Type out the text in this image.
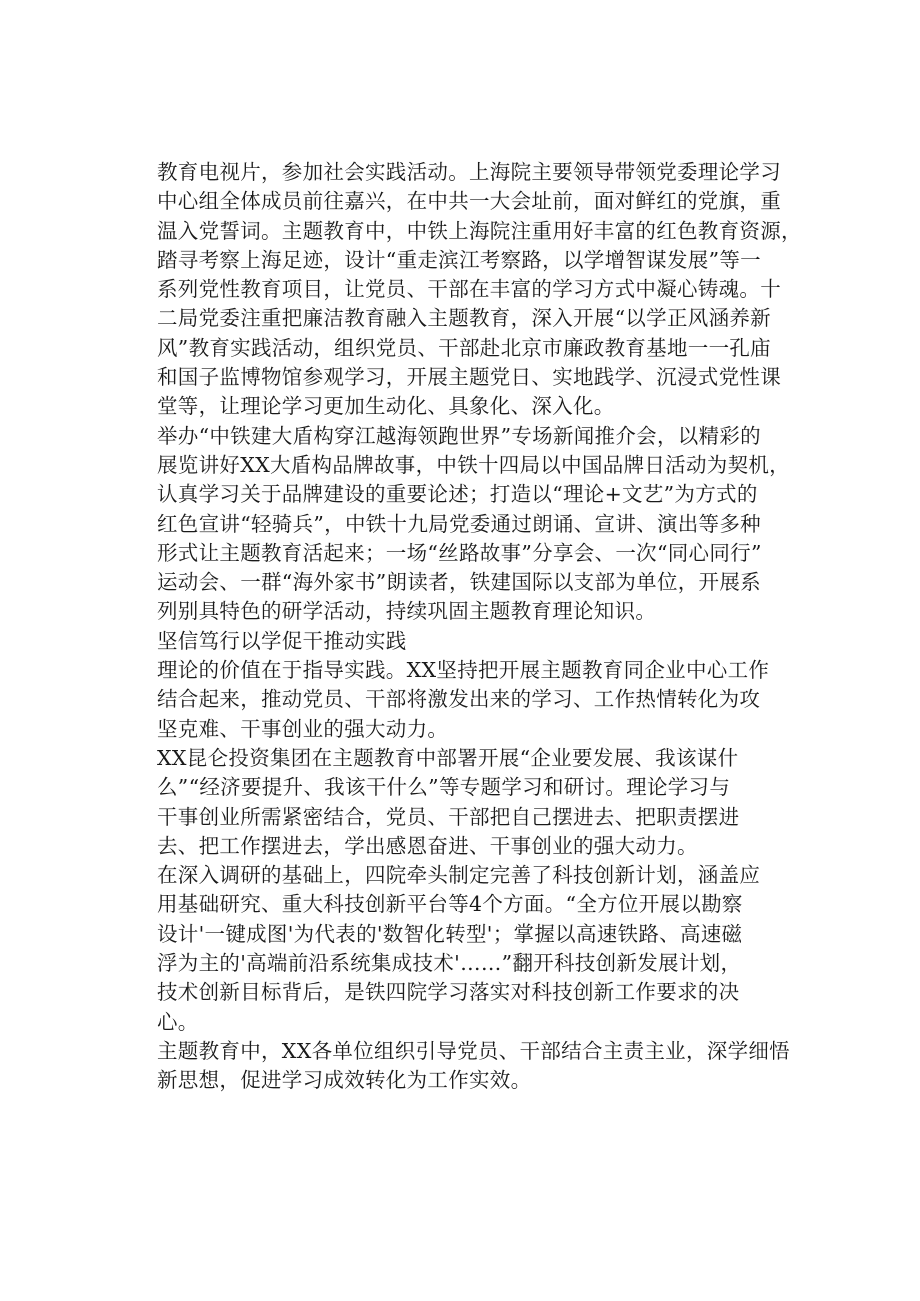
教育电视片，参加社会实践活动。上海院主要领导带领党委理论学习
中心组全体成员前往嘉兴，在中共一大会址前，面对鲜红的党旗，重
温入党誓词。主题教育中，中铁上海院注重用好丰富的红色教育资源，
踏寻考察上海足迹，设计“重走滨江考察路，以学增智谋发展”等一
系列党性教育项目，让党员、干部在丰富的学习方式中凝心铸魂。十
二局党委注重把廉洁教育融入主题教育，深入开展“以学正风涵养新
风”教育实践活动，组织党员、干部赴北京市廉政教育基地一一孔庙
和国子监博物馆参观学习，开展主题党日、实地践学、沉浸式党性课
堂等，让理论学习更加生动化、具象化、深入化。
举办“中铁建大盾构穿江越海领跑世界”专场新闻推介会，以精彩的
展览讲好XX大盾构品牌故事，中铁十四局以中国品牌日活动为契机，
认真学习关于品牌建设的重要论述；打造以“理论+文艺”为方式的
红色宣讲“轻骑兵”，中铁十九局党委通过朗诵、宣讲、演出等多种
形式让主题教育活起来；一场“丝路故事”分享会、一次“同心同行”
运动会、一群“海外家书”朗读者，铁建国际以支部为单位，开展系
列别具特色的研学活动，持续巩固主题教育理论知识。
坚信笃行以学促干推动实践
理论的价值在于指导实践。XX坚持把开展主题教育同企业中心工作
结合起来，推动党员、干部将激发出来的学习、工作热情转化为攻
坚克难、干事创业的强大动力。
XX昆仑投资集团在主题教育中部署开展“企业要发展、我该谋什
么”“经济要提升、我该干什么”等专题学习和研讨。理论学习与
干事创业所需紧密结合，党员、干部把自己摆进去、把职责摆进
去、把工作摆进去，学出感恩奋进、干事创业的强大动力。
在深入调研的基础上，四院牵头制定完善了科技创新计划，涵盖应
用基础研究、重大科技创新平台等4个方面。“全方位开展以勘察
设计'一键成图'为代表的'数智化转型'；掌握以高速铁路、高速磁
浮为主的'高端前沿系统集成技术'……”翻开科技创新发展计划，
技术创新目标背后，是铁四院学习落实对科技创新工作要求的决
心。
主题教育中，XX各单位组织引导党员、干部结合主责主业，深学细悟
新思想，促进学习成效转化为工作实效。
